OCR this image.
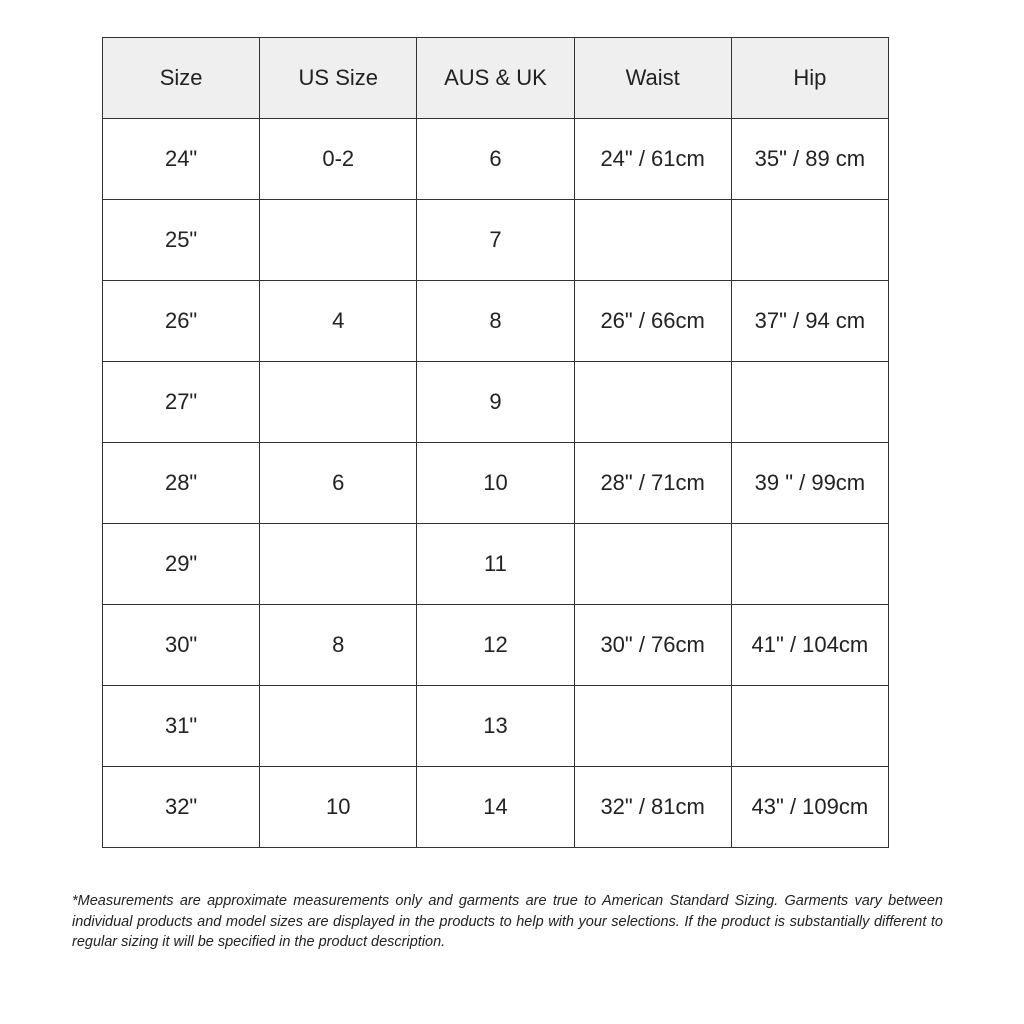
Size	US Size	AUS & UK	Waist	Hip
24"	0-2	6	24" / 61cm	35" / 89 cm
25"		7		
26"	4	8	26" / 66cm	37" / 94 cm
27"		9		
28"	6	10	28" / 71cm	39 " / 99cm
29"		11		
30"	8	12	30" / 76cm	41" / 104cm
31"		13		
32"	10	14	32" / 81cm	43" / 109cm

*Measurements are approximate measurements only and garments are true to American Standard Sizing. Garments vary between individual products and model sizes are displayed in the products to help with your selections. If the product is substantially different to regular sizing it will be specified in the product description.
